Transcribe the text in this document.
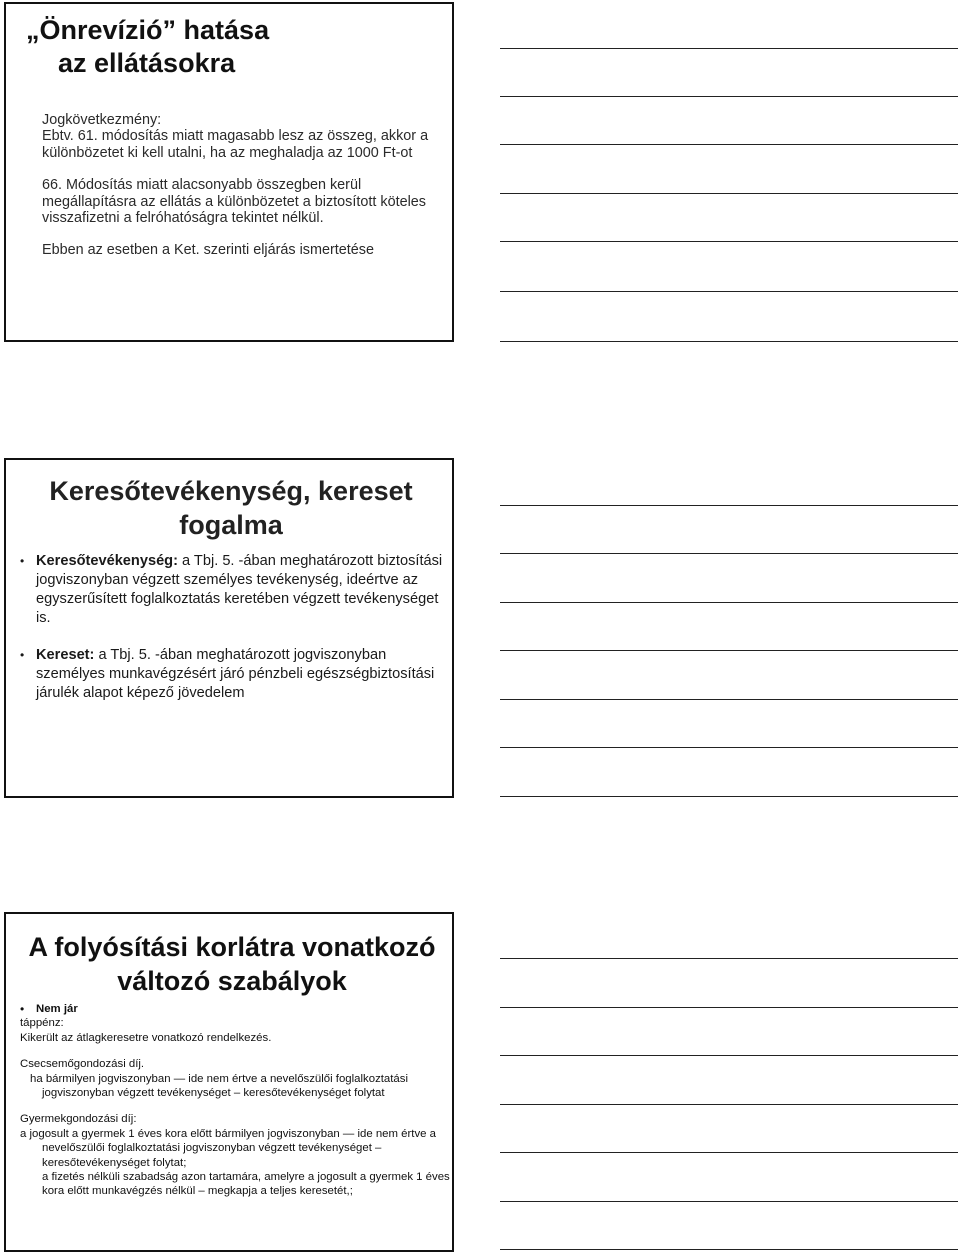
„Önrevízió” hatása
az ellátásokra

Jogkövetkezmény:

Ebtv. 61. módosítás miatt magasabb lesz az összeg, akkor a különbözetet ki kell utalni, ha az meghaladja az 1000 Ft-ot

66. Módosítás miatt alacsonyabb összegben kerül megállapításra az ellátás a különbözetet a biztosított köteles visszafizetni a felróhatóságra tekintet nélkül.

Ebben az esetben a Ket. szerinti eljárás ismertetése

Keresőtevékenység, kereset fogalma
• Keresőtevékenység: a Tbj. 5. -ában meghatározott biztosítási jogviszonyban végzett személyes tevékenység, ideértve az egyszerűsített foglalkoztatás keretében végzett tevékenységet is.
• Kereset: a Tbj. 5. -ában meghatározott jogviszonyban személyes munkavégzésért járó pénzbeli egészségbiztosítási járulék alapot képező jövedelem
A folyósítási korlátra vonatkozó változó szabályok
• Nem jár

táppénz:

Kikerült az átlagkeresetre vonatkozó rendelkezés.

Csecsemőgondozási díj.

ha bármilyen jogviszonyban ― ide nem értve a nevelőszülői foglalkoztatási jogviszonyban végzett tevékenységet – keresőtevékenységet folytat

Gyermekgondozási díj:

a jogosult a gyermek 1 éves kora előtt bármilyen jogviszonyban ― ide nem értve a nevelőszülői foglalkoztatási jogviszonyban végzett tevékenységet – keresőtevékenységet folytat;

a fizetés nélküli szabadság azon tartamára, amelyre a jogosult a gyermek 1 éves kora előtt munkavégzés nélkül – megkapja a teljes keresetét,;
